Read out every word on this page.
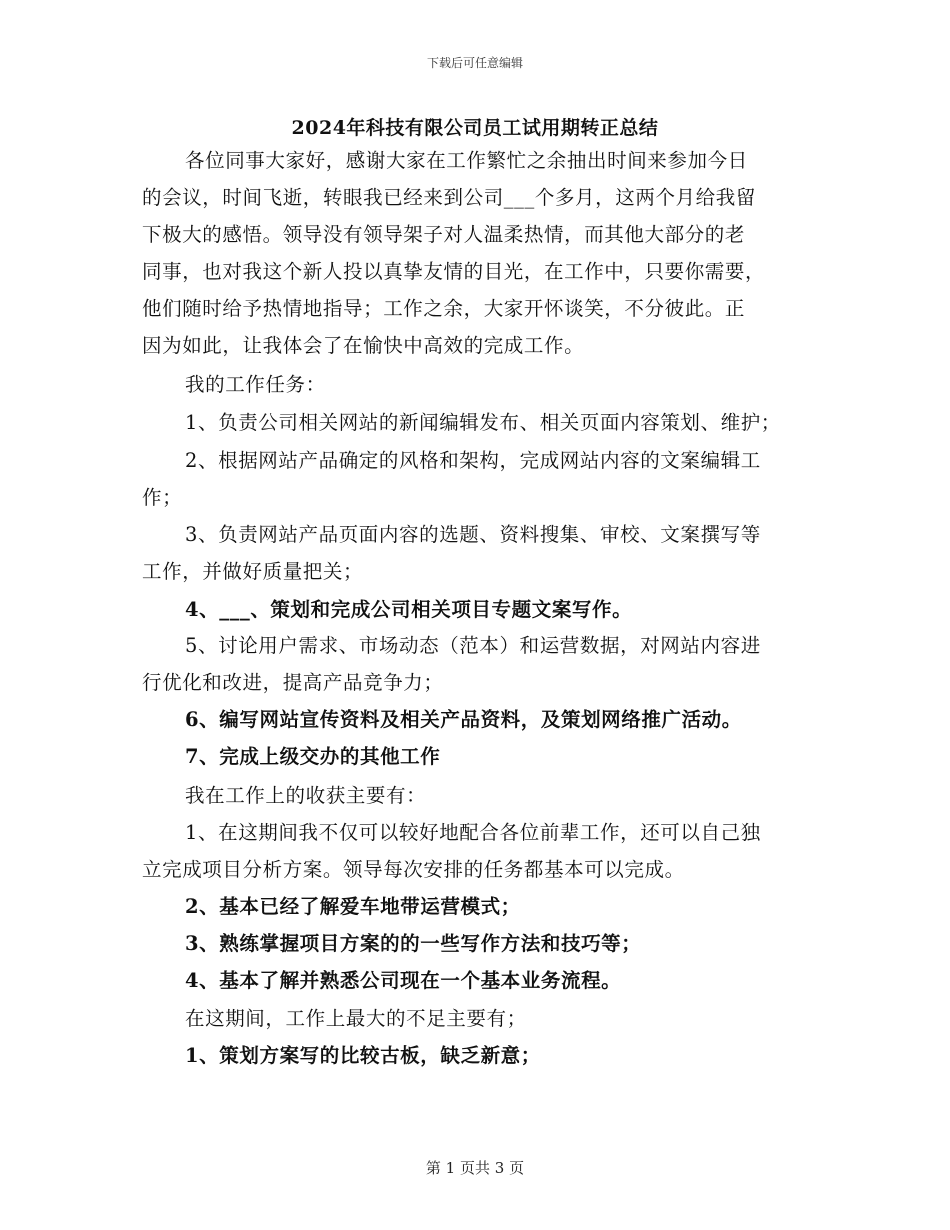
下载后可任意编辑
2024年科技有限公司员工试用期转正总结
各位同事大家好，感谢大家在工作繁忙之余抽出时间来参加今日
的会议，时间飞逝，转眼我已经来到公司___个多月，这两个月给我留
下极大的感悟。领导没有领导架子对人温柔热情，而其他大部分的老
同事，也对我这个新人投以真挚友情的目光，在工作中，只要你需要，
他们随时给予热情地指导；工作之余，大家开怀谈笑，不分彼此。正
因为如此，让我体会了在愉快中高效的完成工作。
我的工作任务：
1、负责公司相关网站的新闻编辑发布、相关页面内容策划、维护；
2、根据网站产品确定的风格和架构，完成网站内容的文案编辑工
作；
3、负责网站产品页面内容的选题、资料搜集、审校、文案撰写等
工作，并做好质量把关；
4、___、策划和完成公司相关项目专题文案写作。
5、讨论用户需求、市场动态（范本）和运营数据，对网站内容进
行优化和改进，提高产品竞争力；
6、编写网站宣传资料及相关产品资料，及策划网络推广活动。
7、完成上级交办的其他工作
我在工作上的收获主要有：
1、在这期间我不仅可以较好地配合各位前辈工作，还可以自己独
立完成项目分析方案。领导每次安排的任务都基本可以完成。
2、基本已经了解爱车地带运营模式；
3、熟练掌握项目方案的的一些写作方法和技巧等；
4、基本了解并熟悉公司现在一个基本业务流程。
在这期间，工作上最大的不足主要有；
1、策划方案写的比较古板，缺乏新意；
第 1 页共 3 页
